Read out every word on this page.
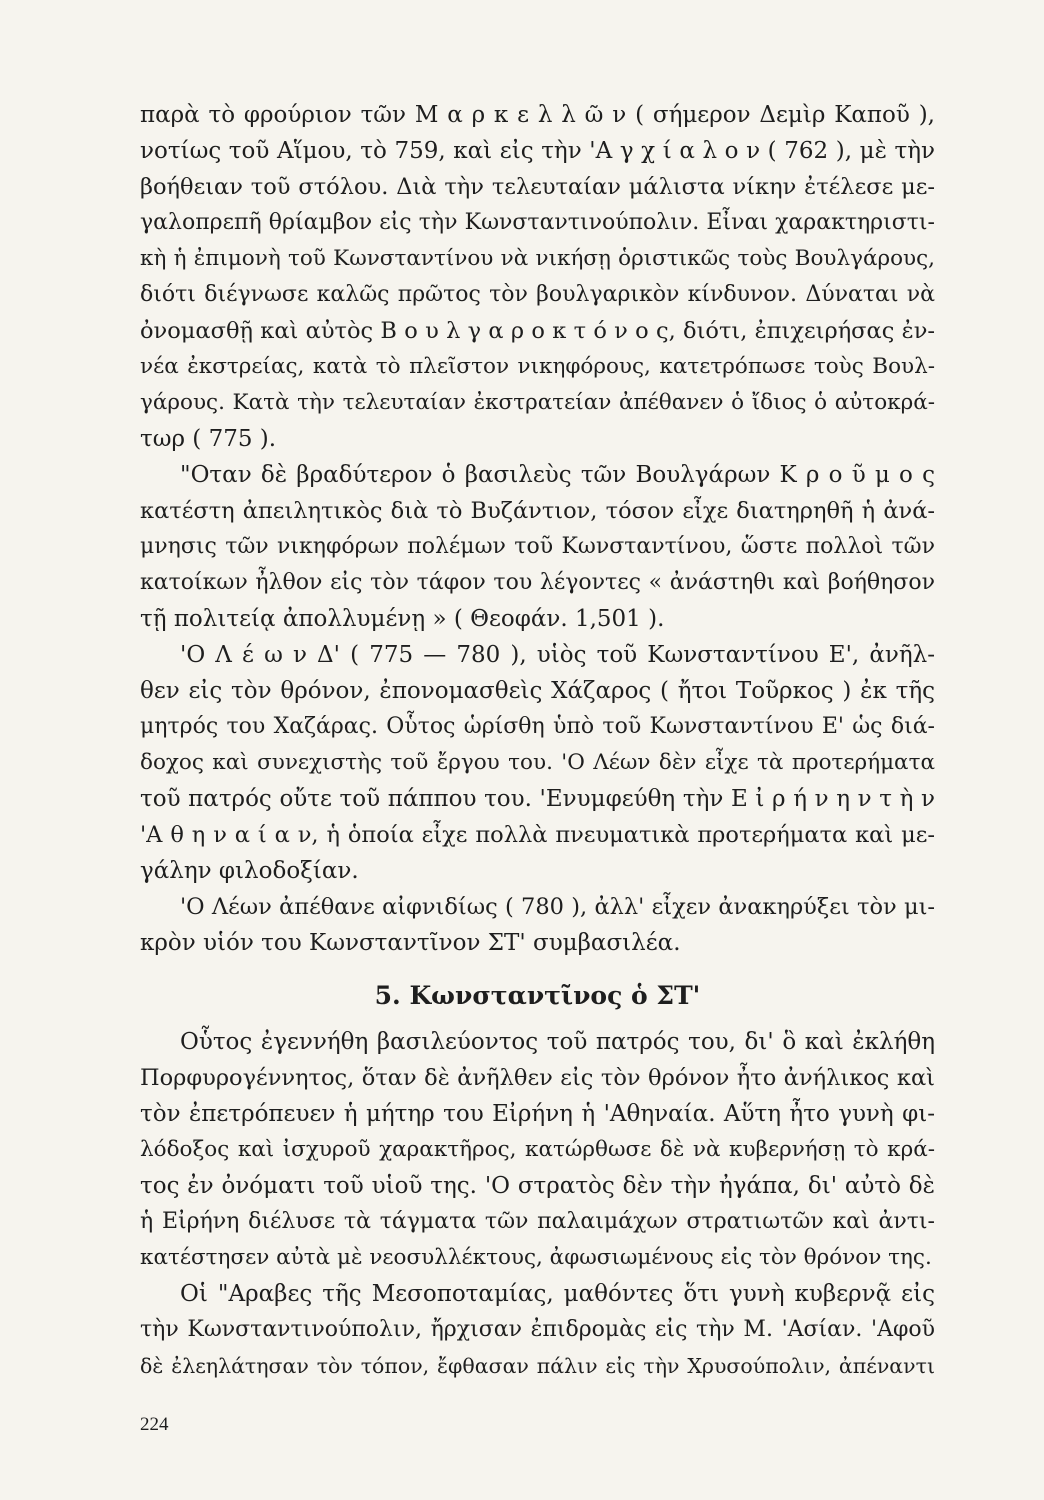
παρὰ τὸ φρούριον τῶν Μ α ρ κ ε λ λ ῶ ν ( σήμερον Δεμὶρ Καποῦ ),
νοτίως τοῦ Αἵμου, τὸ 759, καὶ εἰς τὴν 'Α γ χ ί α λ ο ν ( 762 ), μὲ τὴν
βοήθειαν τοῦ στόλου. Διὰ τὴν τελευταίαν μάλιστα νίκην ἐτέλεσε με-
γαλοπρεπῆ θρίαμβον εἰς τὴν Κωνσταντινούπολιν. Εἶναι χαρακτηριστι-
κὴ ἡ ἐπιμονὴ τοῦ Κωνσταντίνου νὰ νικήσῃ ὁριστικῶς τοὺς Βουλγάρους,
διότι διέγνωσε καλῶς πρῶτος τὸν βουλγαρικὸν κίνδυνον. Δύναται νὰ
ὀνομασθῇ καὶ αὐτὸς Β ο υ λ γ α ρ ο κ τ ό ν ο ς, διότι, ἐπιχειρήσας ἐν-
νέα ἐκστρείας, κατὰ τὸ πλεῖστον νικηφόρους, κατετρόπωσε τοὺς Βουλ-
γάρους. Κατὰ τὴν τελευταίαν ἐκστρατείαν ἀπέθανεν ὁ ἴδιος ὁ αὐτοκρά-
τωρ ( 775 ).
"Οταν δὲ βραδύτερον ὁ βασιλεὺς τῶν Βουλγάρων Κ ρ ο ῦ μ ο ς
κατέστη ἀπειλητικὸς διὰ τὸ Βυζάντιον, τόσον εἶχε διατηρηθῆ ἡ ἀνά-
μνησις τῶν νικηφόρων πολέμων τοῦ Κωνσταντίνου, ὥστε πολλοὶ τῶν
κατοίκων ἦλθον εἰς τὸν τάφον του λέγοντες « ἀνάστηθι καὶ βοήθησον
τῇ πολιτείᾳ ἀπολλυμένῃ » ( Θεοφάν. 1,501 ).
'Ο Λ έ ω ν Δ' ( 775 — 780 ), υἱὸς τοῦ Κωνσταντίνου Ε', ἀνῆλ-
θεν εἰς τὸν θρόνον, ἐπονομασθεὶς Χάζαρος ( ἤτοι Τοῦρκος ) ἐκ τῆς
μητρός του Χαζάρας. Οὗτος ὡρίσθη ὑπὸ τοῦ Κωνσταντίνου Ε' ὡς διά-
δοχος καὶ συνεχιστὴς τοῦ ἔργου του. 'Ο Λέων δὲν εἶχε τὰ προτερήματα
τοῦ πατρός οὔτε τοῦ πάππου του. 'Ενυμφεύθη τὴν Ε ἰ ρ ή ν η ν τ ὴ ν
'Α θ η ν α ί α ν, ἡ ὁποία εἶχε πολλὰ πνευματικὰ προτερήματα καὶ με-
γάλην φιλοδοξίαν.
'Ο Λέων ἀπέθανε αἰφνιδίως ( 780 ), ἀλλ' εἶχεν ἀνακηρύξει τὸν μι-
κρὸν υἱόν του Κωνσταντῖνον ΣΤ' συμβασιλέα.
5. Κωνσταντῖνος ὁ ΣΤ'
Οὗτος ἐγεννήθη βασιλεύοντος τοῦ πατρός του, δι' ὃ καὶ ἐκλήθη
Πορφυρογέννητος, ὅταν δὲ ἀνῆλθεν εἰς τὸν θρόνον ἦτο ἀνήλικος καὶ
τὸν ἐπετρόπευεν ἡ μήτηρ του Εἰρήνη ἡ 'Αθηναία. Αὕτη ἦτο γυνὴ φι-
λόδοξος καὶ ἰσχυροῦ χαρακτῆρος, κατώρθωσε δὲ νὰ κυβερνήσῃ τὸ κρά-
τος ἐν ὀνόματι τοῦ υἱοῦ της. 'Ο στρατὸς δὲν τὴν ἠγάπα, δι' αὐτὸ δὲ
ἡ Εἰρήνη διέλυσε τὰ τάγματα τῶν παλαιμάχων στρατιωτῶν καὶ ἀντι-
κατέστησεν αὐτὰ μὲ νεοσυλλέκτους, ἀφωσιωμένους εἰς τὸν θρόνον της.
Οἱ "Αραβες τῆς Μεσοποταμίας, μαθόντες ὅτι γυνὴ κυβερνᾷ εἰς
τὴν Κωνσταντινούπολιν, ἤρχισαν ἐπιδρομὰς εἰς τὴν Μ. 'Ασίαν. 'Αφοῦ
δὲ ἐλεηλάτησαν τὸν τόπον, ἔφθασαν πάλιν εἰς τὴν Χρυσούπολιν, ἀπέναντι
224
